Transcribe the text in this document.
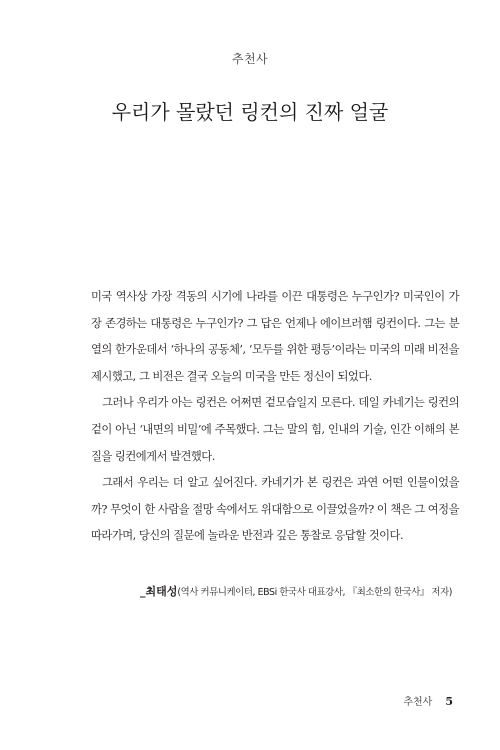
추천사
우리가 몰랐던 링컨의 진짜 얼굴

미국 역사상 가장 격동의 시기에 나라를 이끈 대통령은 누구인가? 미국인이 가장 존경하는 대통령은 누구인가? 그 답은 언제나 에이브러햄 링컨이다. 그는 분열의 한가운데서 ‘하나의 공동체’, ‘모두를 위한 평등’이라는 미국의 미래 비전을 제시했고, 그 비전은 결국 오늘의 미국을 만든 정신이 되었다.

그러나 우리가 아는 링컨은 어쩌면 겉모습일지 모른다. 데일 카네기는 링컨의 겉이 아닌 ‘내면의 비밀’에 주목했다. 그는 말의 힘, 인내의 기술, 인간 이해의 본질을 링컨에게서 발견했다.

그래서 우리는 더 알고 싶어진다. 카네기가 본 링컨은 과연 어떤 인물이었을까? 무엇이 한 사람을 절망 속에서도 위대함으로 이끌었을까? 이 책은 그 여정을 따라가며, 당신의 질문에 놀라운 반전과 깊은 통찰로 응답할 것이다.

_최태성(역사 커뮤니케이터, EBSi 한국사 대표강사, 『최소한의 한국사』 저자)
추천사 5
